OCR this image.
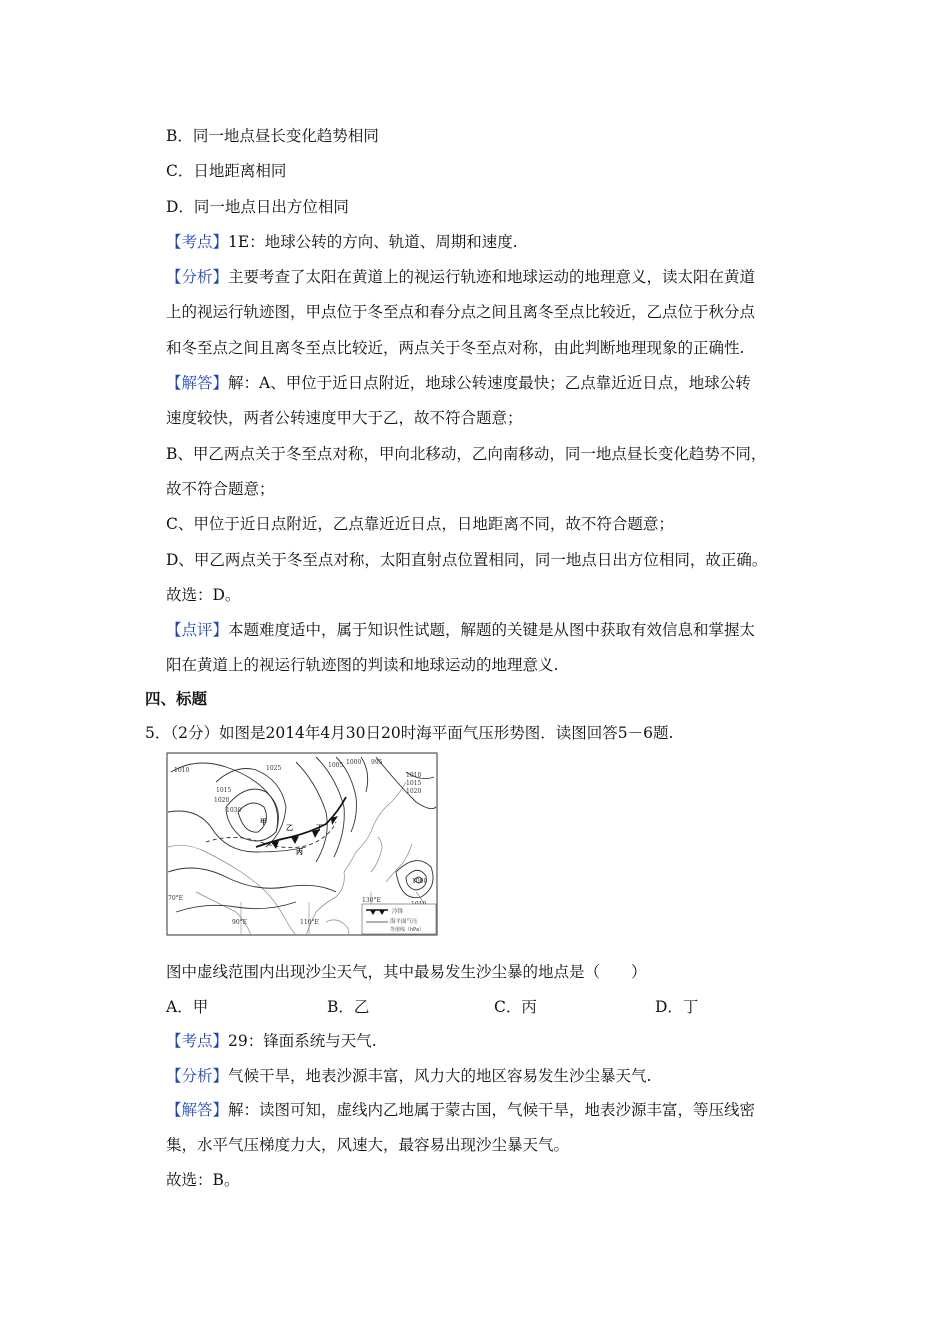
B．同一地点昼长变化趋势相同
C．日地距离相同
D．同一地点日出方位相同
【考点】1E：地球公转的方向、轨道、周期和速度.
【分析】主要考查了太阳在黄道上的视运行轨迹和地球运动的地理意义，读太阳在黄道
上的视运行轨迹图，甲点位于冬至点和春分点之间且离冬至点比较近，乙点位于秋分点
和冬至点之间且离冬至点比较近，两点关于冬至点对称，由此判断地理现象的正确性.
【解答】解：A、甲位于近日点附近，地球公转速度最快；乙点靠近近日点，地球公转
速度较快，两者公转速度甲大于乙，故不符合题意；
B、甲乙两点关于冬至点对称，甲向北移动，乙向南移动，同一地点昼长变化趋势不同，
故不符合题意；
C、甲位于近日点附近，乙点靠近近日点，日地距离不同，故不符合题意；
D、甲乙两点关于冬至点对称，太阳直射点位置相同，同一地点日出方位相同，故正确。
故选：D。
【点评】本题难度适中，属于知识性试题，解题的关键是从图中获取有效信息和掌握太
阳在黄道上的视运行轨迹图的判读和地球运动的地理意义.
四、标题
5．（2分）如图是2014年4月30日20时海平面气压形势图．读图回答5－6题.
1010
1015
1020
1025
1030
1005 1000 995
1010
1015
1020
1000
70°E
90°E	110°E
130°E
甲
乙
丙
丁
冷锋
海平面气压
等值线（hPa）
图中虚线范围内出现沙尘天气，其中最易发生沙尘暴的地点是（　　）
A．甲	B．乙	C．丙	D．丁
【考点】29：锋面系统与天气.
【分析】气候干旱，地表沙源丰富，风力大的地区容易发生沙尘暴天气.
【解答】解：读图可知，虚线内乙地属于蒙古国，气候干旱，地表沙源丰富，等压线密
集，水平气压梯度力大，风速大，最容易出现沙尘暴天气。
故选：B。
